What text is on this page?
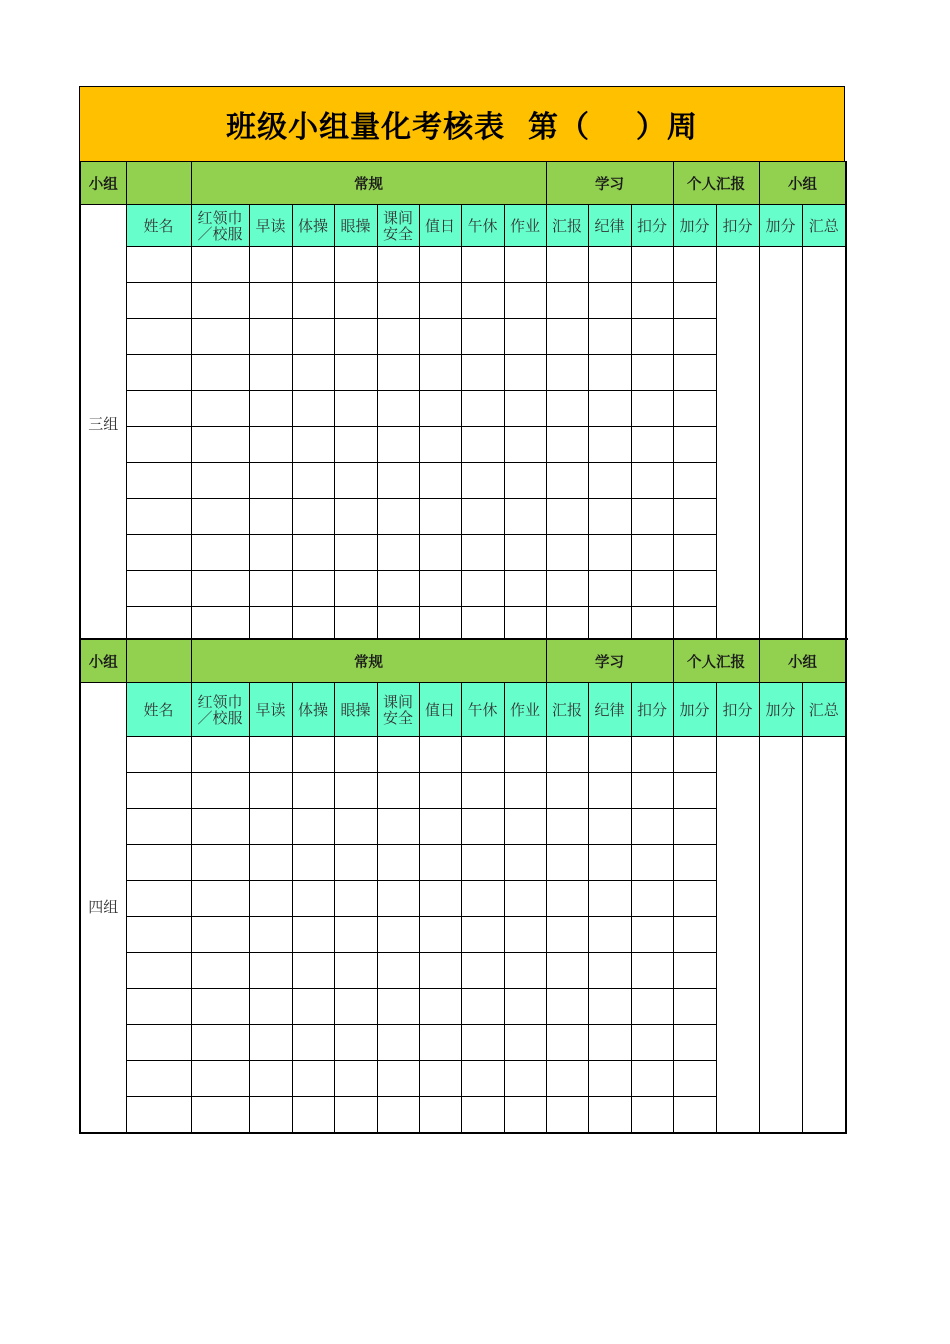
班级小组量化考核表  第（    ）周
小组		常规								学习			个人汇报		小组	
三组	姓名	红领巾／校服	早读	体操	眼操	课间安全	值日	午休	作业	汇报	纪律	扣分	加分	扣分	加分	汇总	

小组		常规								学习			个人汇报		小组	
四组	姓名	红领巾／校服	早读	体操	眼操	课间安全	值日	午休	作业	汇报	纪律	扣分	加分	扣分	加分	汇总	
